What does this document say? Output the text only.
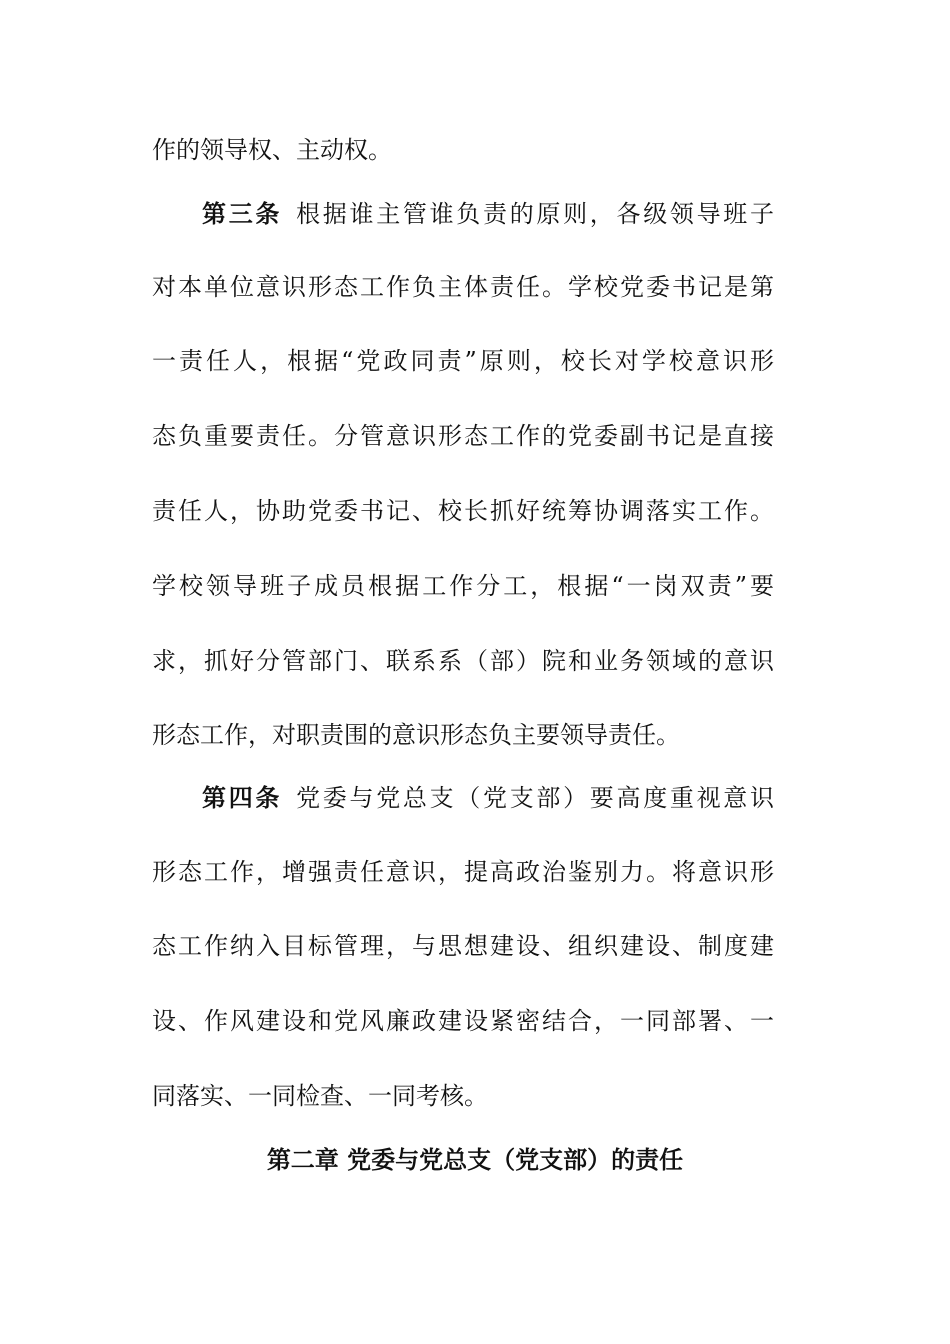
作的领导权、主动权。
第三条 根据谁主管谁负责的原则，各级领导班子
对本单位意识形态工作负主体责任。学校党委书记是第
一责任人，根据“党政同责”原则，校长对学校意识形
态负重要责任。分管意识形态工作的党委副书记是直接
责任人，协助党委书记、校长抓好统筹协调落实工作。
学校领导班子成员根据工作分工，根据“一岗双责”要
求，抓好分管部门、联系系（部）院和业务领域的意识
形态工作，对职责围的意识形态负主要领导责任。
第四条 党委与党总支（党支部）要高度重视意识
形态工作，增强责任意识，提高政治鉴别力。将意识形
态工作纳入目标管理，与思想建设、组织建设、制度建
设、作风建设和党风廉政建设紧密结合，一同部署、一
同落实、一同检查、一同考核。
第二章 党委与党总支（党支部）的责任
